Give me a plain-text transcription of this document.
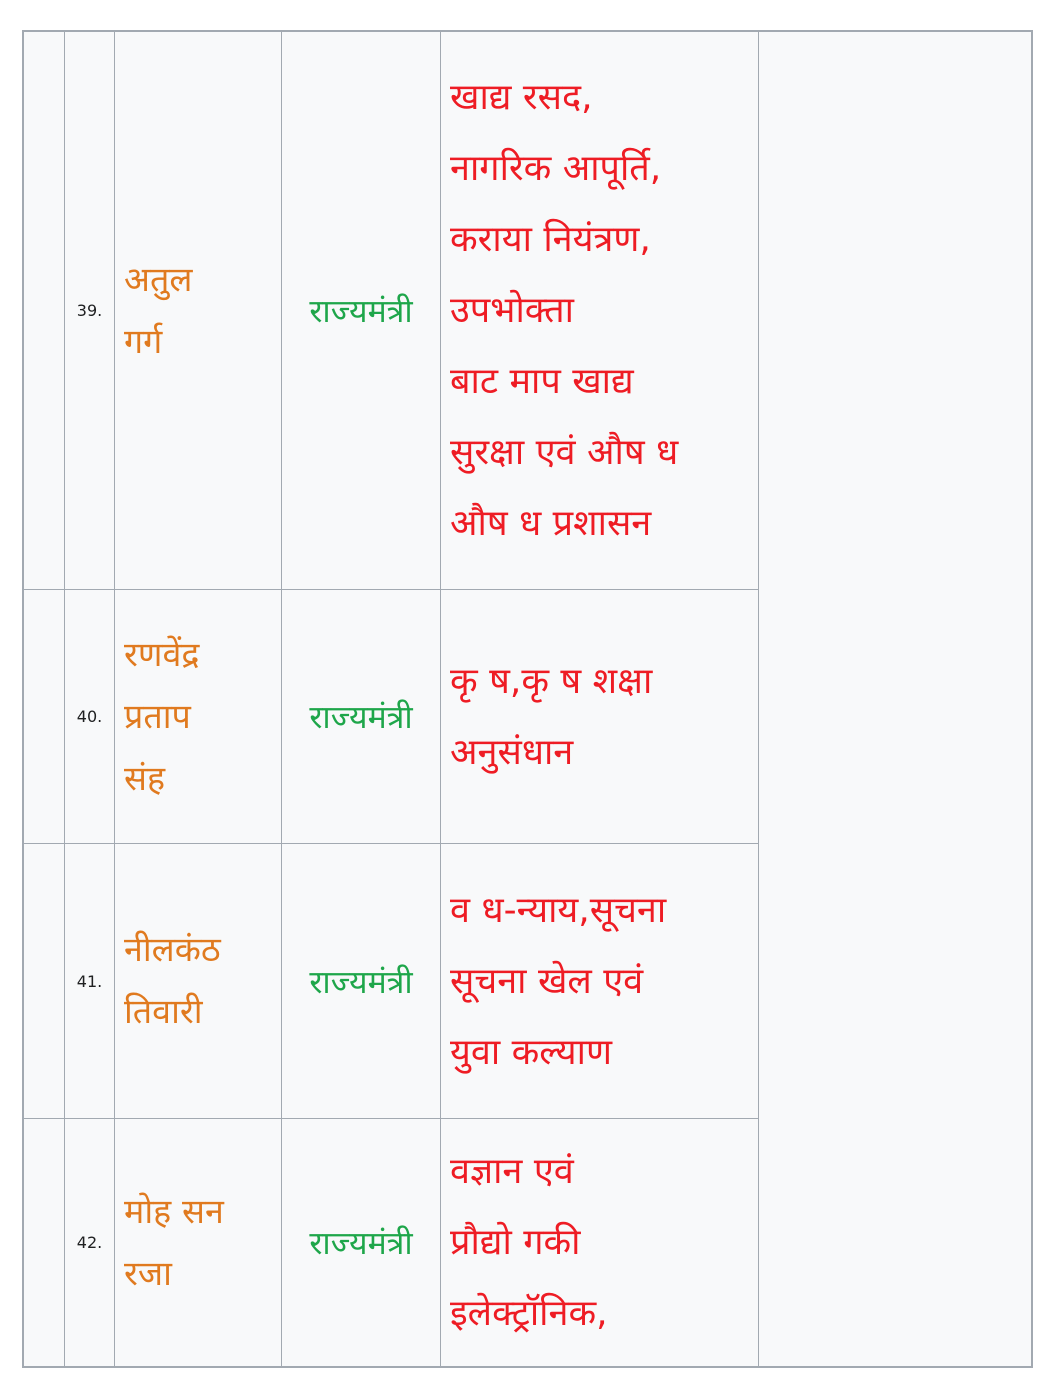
39.
अतुल
गर्ग
राज्यमंत्री
खाद्य रसद,
नागरिक आपूर्ति,
कराया नियंत्रण,
उपभोक्ता
बाट माप खाद्य
सुरक्षा एवं औष ध
औष ध प्रशासन
40.
रणवेंद्र
प्रताप
संह
राज्यमंत्री
कृ ष,कृ ष शक्षा
अनुसंधान
41.
नीलकंठ
तिवारी
राज्यमंत्री
व ध-न्याय,सूचना
सूचना खेल एवं
युवा कल्याण
42.
मोह सन
रजा
राज्यमंत्री
वज्ञान एवं
प्रौद्यो गकी
इलेक्ट्रॉनिक,
